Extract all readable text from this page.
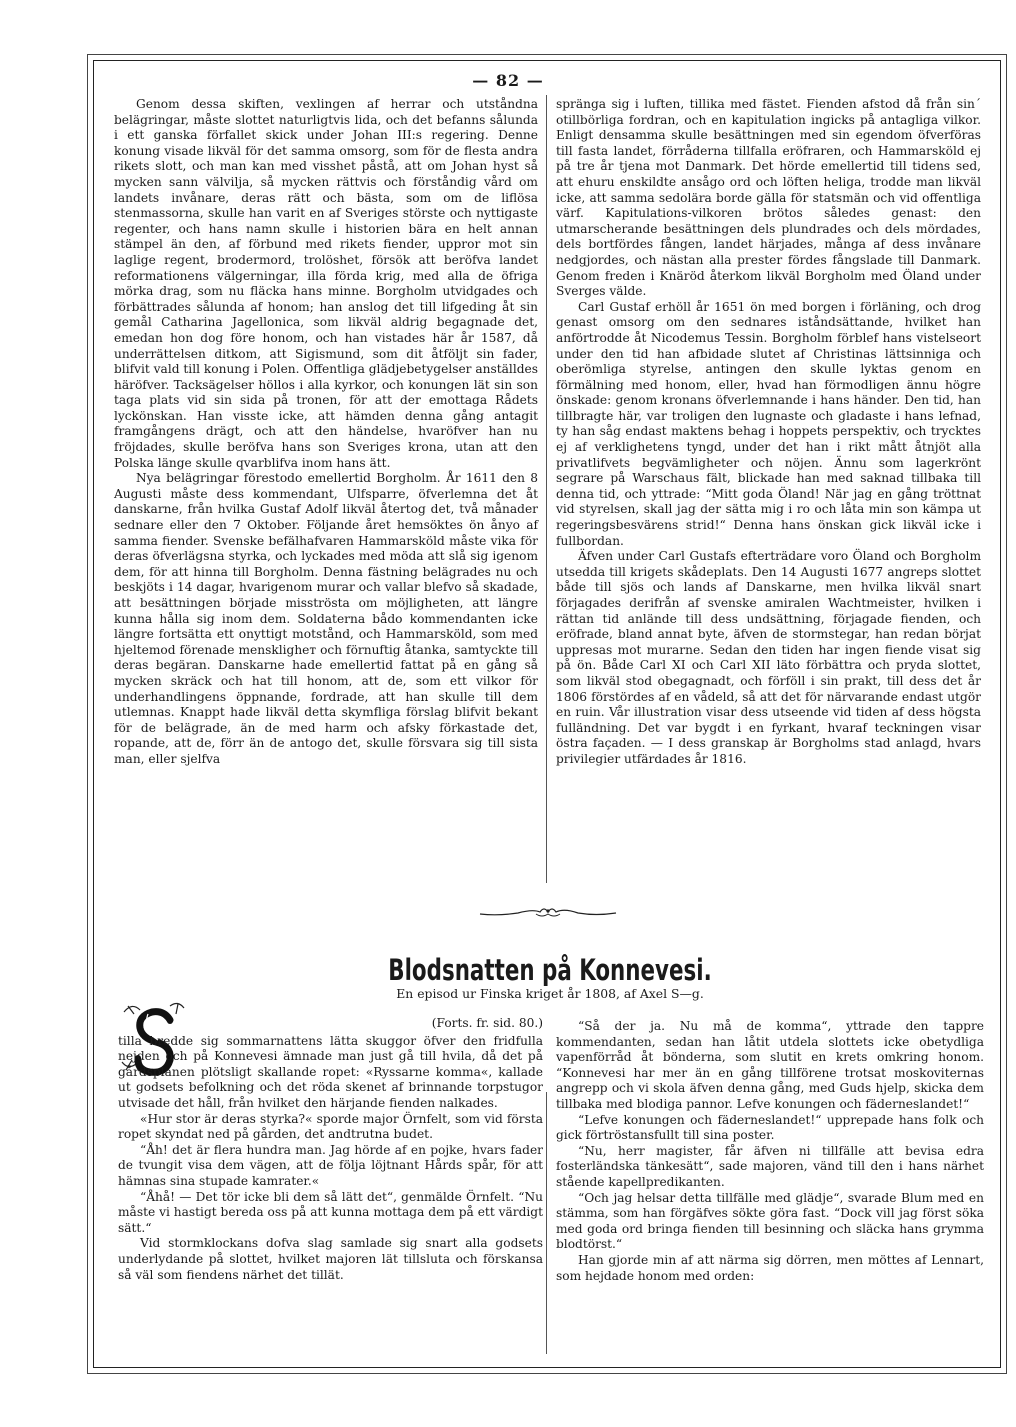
— 82 —

Genom dessa skiften, vexlingen af herrar och utståndna belägringar, måste slottet naturligtvis lida, och det befanns sålunda i ett ganska förfallet skick under Johan III:s regering. Denne konung visade likväl för det samma omsorg, som för de flesta andra rikets slott, och man kan med visshet påstå, att om Johan hyst så mycken sann välvilja, så mycken rättvis och förståndig vård om landets invånare, deras rätt och bästa, som om de liflösa stenmassorna, skulle han varit en af Sveriges störste och nyttigaste regenter, och hans namn skulle i historien bära en helt annan stämpel än den, af förbund med rikets fiender, uppror mot sin laglige regent, brodermord, trolöshet, försök att beröfva landet reformationens välgerningar, illa förda krig, med alla de öfriga mörka drag, som nu fläcka hans minne. Borgholm utvidgades och förbättrades sålunda af honom; han anslog det till lifgeding åt sin gemål Catharina Jagellonica, som likväl aldrig begagnade det, emedan hon dog före honom, och han vistades här år 1587, då underrättelsen ditkom, att Sigismund, som dit åtföljt sin fader, blifvit vald till konung i Polen. Offentliga glädjebetygelser anställdes häröfver. Tacksägelser höllos i alla kyrkor, och konungen lät sin son taga plats vid sin sida på tronen, för att der emottaga Rådets lyckönskan. Han visste icke, att hämden denna gång antagit framgångens drägt, och att den händelse, hvaröfver han nu fröjdades, skulle beröfva hans son Sveriges krona, utan att den Polska länge skulle qvarblifva inom hans ätt.

Nya belägringar förestodo emellertid Borgholm. År 1611 den 8 Augusti måste dess kommendant, Ulfsparre, öfverlemna det åt danskarne, från hvilka Gustaf Adolf likväl återtog det, två månader sednare eller den 7 Oktober. Följande året hemsöktes ön ånyo af samma fiender. Svenske befälhafvaren Hammarsköld måste vika för deras öfverlägsna styrka, och lyckades med möda att slå sig igenom dem, för att hinna till Borgholm. Denna fästning belägrades nu och beskjöts i 14 dagar, hvarigenom murar och vallar blefvo så skadade, att besättningen började misströsta om möjligheten, att längre kunna hålla sig inom dem. Soldaterna bådo kommendanten icke längre fortsätta ett onyttigt motstånd, och Hammarsköld, som med hjeltemod förenade menskligheт och förnuftig åtanka, samtyckte till deras begäran. Danskarne hade emellertid fattat på en gång så mycken skräck och hat till honom, att de, som ett vilkor för underhandlingens öppnande, fordrade, att han skulle till dem utlemnas. Knappt hade likväl detta skymfliga förslag blifvit bekant för de belägrade, än de med harm och afsky förkastade det, ropande, att de, förr än de antogo det, skulle försvara sig till sista man, eller sjelfva

spränga sig i luften, tillika med fästet. Fienden afstod då från sin´ otillbörliga fordran, och en kapitulation ingicks på antagliga vilkor. Enligt densamma skulle besättningen med sin egendom öfverföras till fasta landet, förråderna tillfalla eröfraren, och Hammarsköld ej på tre år tjena mot Danmark. Det hörde emellertid till tidens sed, att ehuru enskildte ansågo ord och löften heliga, trodde man likväl icke, att samma sedolära borde gälla för statsmän och vid offentliga värf. Kapitulations-vilkoren brötos således genast: den utmarscherande besättningen dels plundrades och dels mördades, dels bortfördes fången, landet härjades, många af dess invånare nedgjordes, och nästan alla prester fördes fångslade till Danmark. Genom freden i Knäröd återkom likväl Borgholm med Öland under Sverges välde.

Carl Gustaf erhöll år 1651 ön med borgen i förläning, och drog genast omsorg om den sednares iståndsättande, hvilket han anförtrodde åt Nicodemus Tessin. Borgholm förblef hans vistelseort under den tid han afbidade slutet af Christinas lättsinniga och oberömliga styrelse, antingen den skulle lyktas genom en förmälning med honom, eller, hvad han förmodligen ännu högre önskade: genom kronans öfverlemnande i hans händer. Den tid, han tillbragte här, var troligen den lugnaste och gladaste i hans lefnad, ty han såg endast maktens behag i hoppets perspektiv, och trycktes ej af verklighetens tyngd, under det han i rikt mått åtnjöt alla privatlifvets begvämligheter och nöjen. Ännu som lagerkrönt segrare på Warschaus fält, blickade han med saknad tillbaka till denna tid, och yttrade: “Mitt goda Öland! När jag en gång tröttnat vid styrelsen, skall jag der sätta mig i ro och låta min son kämpa ut regeringsbesvärens strid!“ Denna hans önskan gick likväl icke i fullbordan.

Äfven under Carl Gustafs efterträdare voro Öland och Borgholm utsedda till krigets skådeplats. Den 14 Augusti 1677 angreps slottet både till sjös och lands af Danskarne, men hvilka likväl snart förjagades derifrån af svenske amiralen Wachtmeister, hvilken i rättan tid anlände till dess undsättning, förjagade fienden, och eröfrade, bland annat byte, äfven de stormstegar, han redan börjat uppresas mot murarne. Sedan den tiden har ingen fiende visat sig på ön. Både Carl XI och Carl XII läto förbättra och pryda slottet, som likväl stod obegagnadt, och förföll i sin prakt, till dess det år 1806 förstördes af en vådeld, så att det för närvarande endast utgör en ruin. Vår illustration visar dess utseende vid tiden af dess högsta fulländning. Det var bygdt i en fyrkant, hvaraf teckningen visar östra façaden. — I dess granskap är Borgholms stad anlagd, hvars privilegier utfärdades år 1816.

Blodsnatten på Konnevesi.
En episod ur Finska kriget år 1808, af Axel S—g.
(Forts. fr. sid. 80.)

tilla bredde sig sommarnattens lätta skuggor öfver den fridfulla nejden och på Konnevesi ämnade man just gå till hvila, då det på gårdsplanen plötsligt skallande ropet: «Ryssarne komma«, kallade ut godsets befolkning och det röda skenet af brinnande torpstugor utvisade det håll, från hvilket den härjande fienden nalkades.

«Hur stor är deras styrka?« sporde major Örnfelt, som vid första ropet skyndat ned på gården, det andtrutna budet.

“Åh! det är flera hundra man. Jag hörde af en pojke, hvars fader de tvungit visa dem vägen, att de följa löjtnant Hårds spår, för att hämnas sina stupade kamrater.«

“Åhå! — Det tör icke bli dem så lätt det“, genmälde Örnfelt. “Nu måste vi hastigt bereda oss på att kunna mottaga dem på ett värdigt sätt.“

Vid stormklockans dofva slag samlade sig snart alla godsets underlydande på slottet, hvilket majoren lät tillsluta och förskansa så väl som fiendens närhet det tillät.

“Så der ja. Nu må de komma“, yttrade den tappre kommendanten, sedan han låtit utdela slottets icke obetydliga vapenförråd åt bönderna, som slutit en krets omkring honom. “Konnevesi har mer än en gång tillförene trotsat moskoviternas angrepp och vi skola äfven denna gång, med Guds hjelp, skicka dem tillbaka med blodiga pannor. Lefve konungen och fäderneslandet!“

“Lefve konungen och fäderneslandet!“ upprepade hans folk och gick förtröstansfullt till sina poster.

“Nu, herr magister, får äfven ni tillfälle att bevisa edra fosterländska tänkesätt“, sade majoren, vänd till den i hans närhet stående kapellpredikanten.

“Och jag helsar detta tillfälle med glädje“, svarade Blum med en stämma, som han förgäfves sökte göra fast. “Dock vill jag först söka med goda ord bringa fienden till besinning och släcka hans grymma blodtörst.“

Han gjorde min af att närma sig dörren, men möttes af Lennart, som hejdade honom med orden:
